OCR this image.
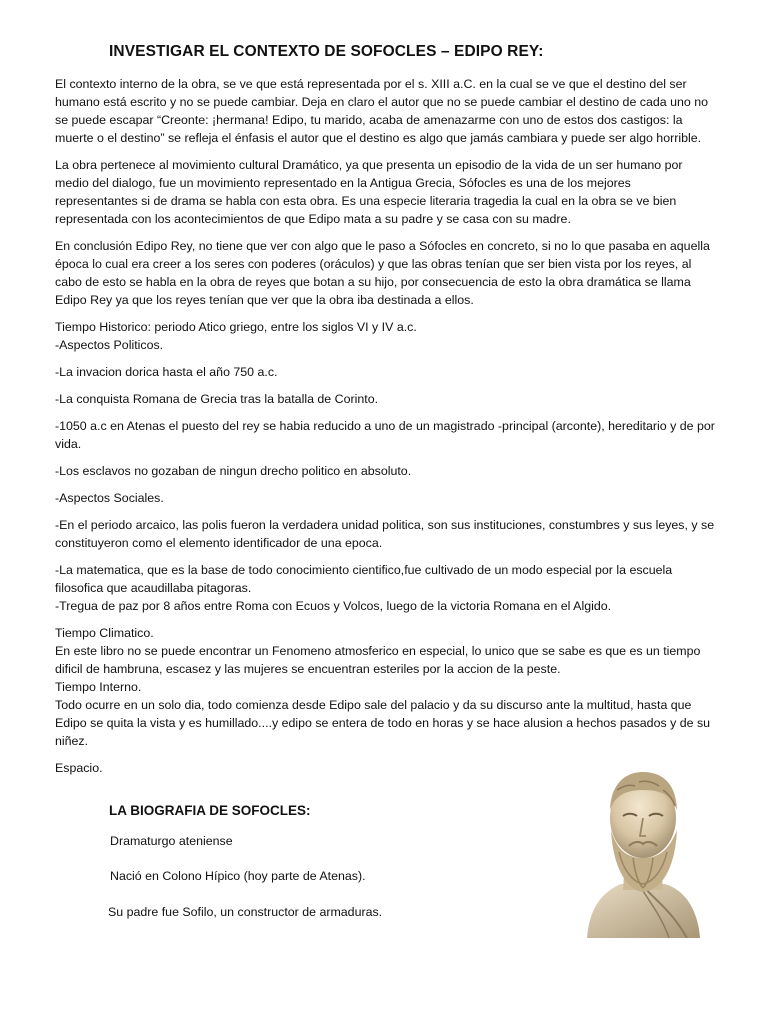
INVESTIGAR EL CONTEXTO DE SOFOCLES – EDIPO REY:

El contexto interno de la obra, se ve que está representada por el s. XIII a.C. en la cual se ve que el destino del ser humano está escrito y no se puede cambiar. Deja en claro el autor que no se puede cambiar el destino de cada uno no se puede escapar “Creonte: ¡hermana! Edipo, tu marido, acaba de amenazarme con uno de estos dos castigos: la muerte o el destino” se refleja el énfasis el autor que el destino es algo que jamás cambiara y puede ser algo horrible.

La obra pertenece al movimiento cultural Dramático, ya que presenta un episodio de la vida de un ser humano por medio del dialogo, fue un movimiento representado en la Antigua Grecia, Sófocles es una de los mejores representantes si de drama se habla con esta obra. Es una especie literaria tragedia la cual en la obra se ve bien representada con los acontecimientos de que Edipo mata a su padre y se casa con su madre.

En conclusión Edipo Rey, no tiene que ver con algo que le paso a Sófocles en concreto, si no lo que pasaba en aquella época lo cual era creer a los seres con poderes (oráculos) y que las obras tenían que ser bien vista por los reyes, al cabo de esto se habla en la obra de reyes que botan a su hijo, por consecuencia de esto la obra dramática se llama Edipo Rey ya que los reyes tenían que ver que la obra iba destinada a ellos.

Tiempo Historico: periodo Atico griego, entre los siglos VI y IV a.c.
-Aspectos Politicos.

-La invacion dorica hasta el año 750 a.c.

-La conquista Romana de Grecia tras la batalla de Corinto.

-1050 a.c en Atenas el puesto del rey se habia reducido a uno de un magistrado -principal (arconte), hereditario y de por vida.

-Los esclavos no gozaban de ningun drecho politico en absoluto.

-Aspectos Sociales.

-En el periodo arcaico, las polis fueron la verdadera unidad politica, son sus instituciones, constumbres y sus leyes, y se constituyeron como el elemento identificador de una epoca.

-La matematica, que es la base de todo conocimiento cientifico,fue cultivado de un modo especial por la escuela filosofica que acaudillaba pitagoras.
-Tregua de paz por 8 años entre Roma con Ecuos y Volcos, luego de la victoria Romana en el Algido.

Tiempo Climatico.
En este libro no se puede encontrar un Fenomeno atmosferico en especial, lo unico que se sabe es que es un tiempo dificil de hambruna, escasez y las mujeres se encuentran esteriles por la accion de la peste.
Tiempo Interno.
Todo ocurre en un solo dia, todo comienza desde Edipo sale del palacio y da su discurso ante la multitud, hasta que Edipo se quita la vista y es humillado....y edipo se entera de todo en horas y se hace alusion a hechos pasados y de su niñez.

Espacio.

LA BIOGRAFIA DE SOFOCLES:
Dramaturgo ateniense
Nació en Colono Hípico (hoy parte de Atenas).
Su padre fue Sofilo, un constructor de armaduras.
